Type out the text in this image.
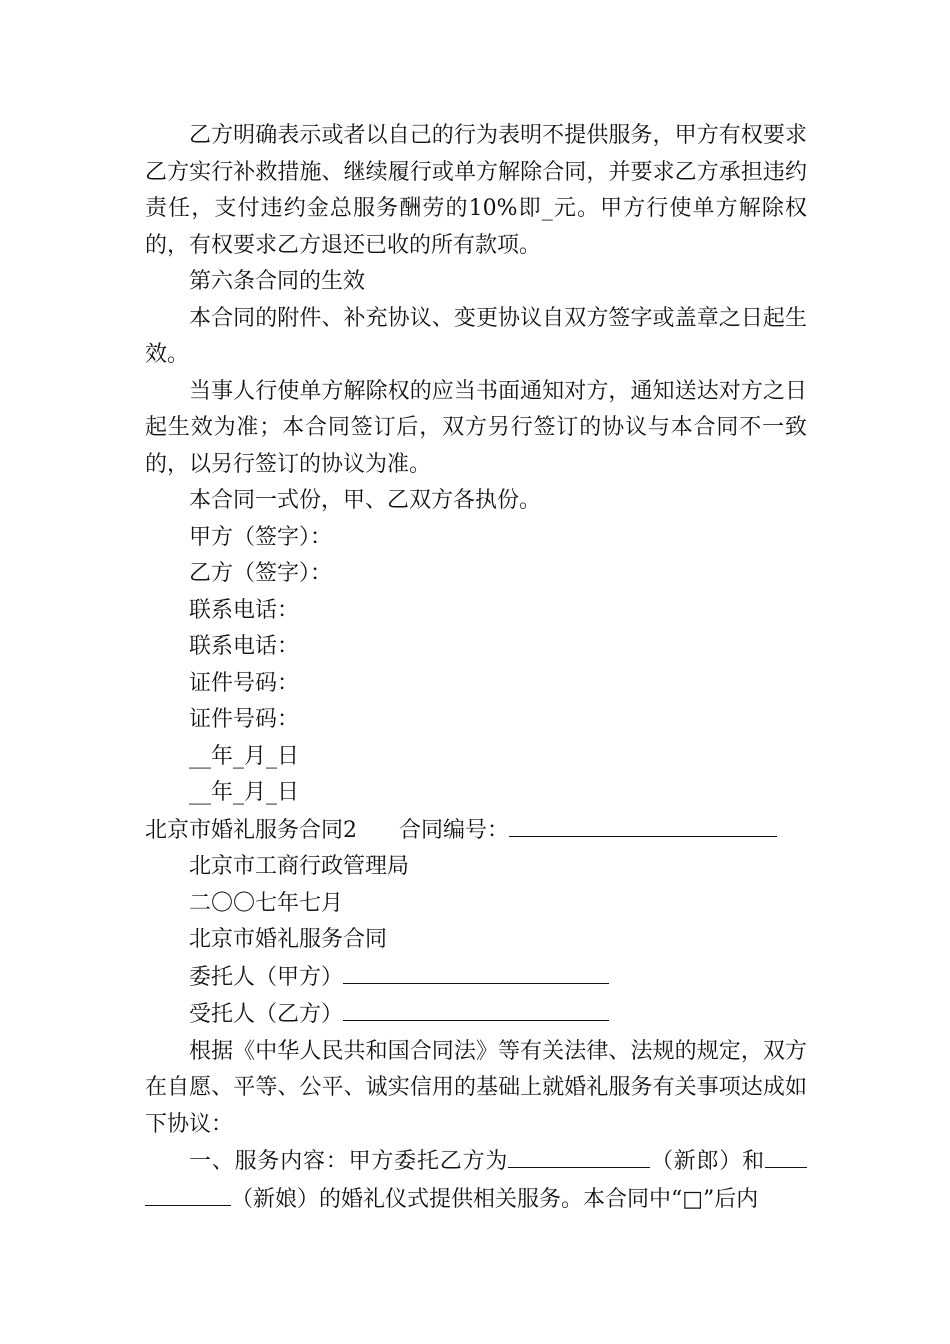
乙方明确表示或者以自己的行为表明不提供服务，甲方有权要求乙方实行补救措施、继续履行或单方解除合同，并要求乙方承担违约责任，支付违约金总服务酬劳的10%即_元。甲方行使单方解除权的，有权要求乙方退还已收的所有款项。

第六条合同的生效

本合同的附件、补充协议、变更协议自双方签字或盖章之日起生效。

当事人行使单方解除权的应当书面通知对方，通知送达对方之日起生效为准；本合同签订后，双方另行签订的协议与本合同不一致的，以另行签订的协议为准。

本合同一式份，甲、乙双方各执份。

甲方（签字）：

乙方（签字）：

联系电话：

联系电话：

证件号码：

证件号码：

__年_月_日

__年_月_日

北京市婚礼服务合同2 合同编号：

北京市工商行政管理局

二〇〇七年七月

北京市婚礼服务合同

委托人（甲方）

受托人（乙方）

根据《中华人民共和国合同法》等有关法律、法规的规定，双方在自愿、平等、公平、诚实信用的基础上就婚礼服务有关事项达成如下协议：

一、服务内容：甲方委托乙方为	（新郎）和（新娘）的婚礼仪式提供相关服务。本合同中“□”后内
